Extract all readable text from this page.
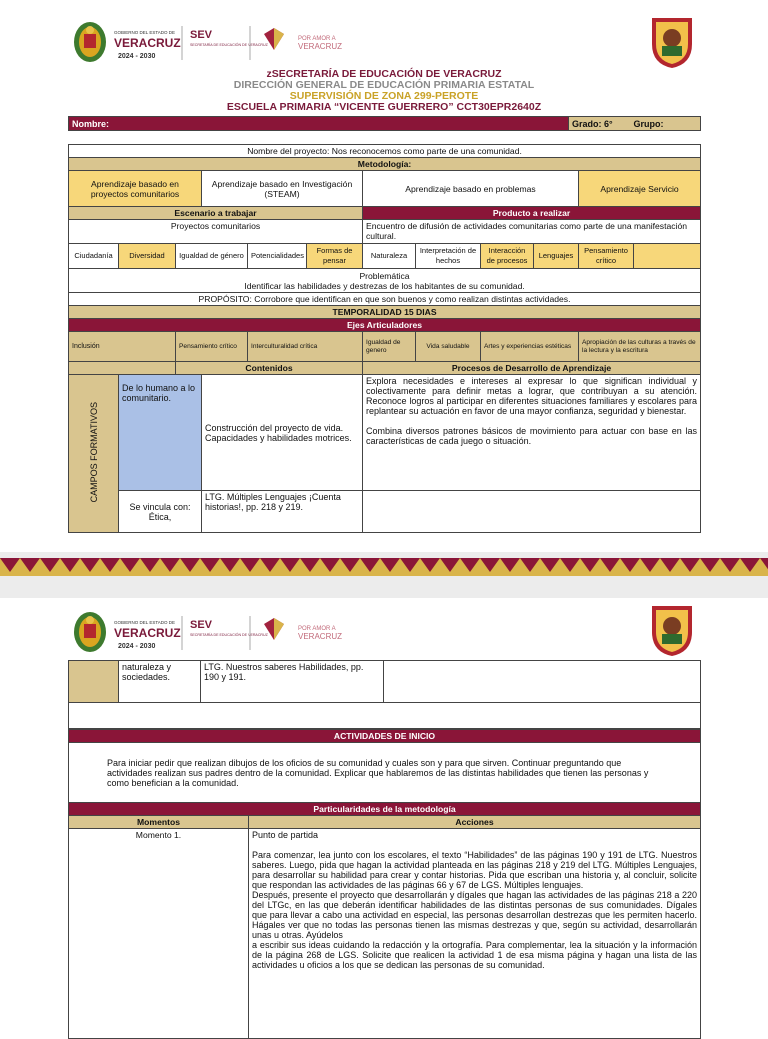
GOBIERNO DEL ESTADO DE
VERACRUZ
2024 - 2030
SEV
SECRETARÍA DE EDUCACIÓN DE VERACRUZ
POR AMOR A
VERACRUZ
zSECRETARÍA DE EDUCACIÓN DE VERACRUZ
DIRECCIÓN GENERAL DE EDUCACIÓN PRIMARIA ESTATAL
SUPERVISIÓN DE ZONA 299-PEROTE
ESCUELA PRIMARIA “VICENTE GUERRERO” CCT30EPR2640Z
Nombre:	Grado: 6°	Grupo:
Nombre del proyecto: Nos reconocemos como parte de una comunidad.											
Metodología:											
Aprendizaje basado en proyectos comunitarios			Aprendizaje basado en Investigación (STEAM)			Aprendizaje basado en problemas				Aprendizaje Servicio	
Escenario a trabajar						Producto a realizar					
Proyectos comunitarios						Encuentro de difusión de actividades comunitarias como parte de una manifestación cultural.					
Ciudadanía	Diversidad	Igualdad de género		Potencialidades	Formas de pensar	Naturaleza	Interpretación de hechos	Interacción de procesos	Lenguajes	Pensamiento crítico	

Problemática
Identificar las habilidades y destrezas de los habitantes de su comunidad.											

PROPÓSITO: Corrobore que identifican en que son buenos y como realizan distintas actividades.											
TEMPORALIDAD 15 DIAS											
Ejes Articuladores											
Inclusión		Pensamiento crítico		Interculturalidad crítica		Igualdad de genero	Vida saludable	Artes y experiencias estéticas		Apropiación de las culturas a través de la lectura y la escritura	
		Contenidos				Procesos de Desarrollo de Aprendizaje					
CAMPOS FORMATIVOS	De lo humano a lo comunitario.		Construcción del proyecto de vida. Capacidades y habilidades motrices.			Explora necesidades e intereses al expresar lo que significan individual y colectivamente para definir metas a lograr, que contribuyan a su atención. Reconoce logros al participar en diferentes situaciones familiares y escolares para replantear su actuación en favor de una mayor confianza, seguridad y bienestar.
Combina diversos patrones básicos de movimiento para actuar con base en las características de cada juego o situación.					

	Se vincula con: Ética,		LTG. Múltiples Lenguajes ¡Cuenta historias!, pp. 218 y 219.								
GOBIERNO DEL ESTADO DE
VERACRUZ
2024 - 2030
SEV
SECRETARÍA DE EDUCACIÓN DE VERACRUZ
POR AMOR A
VERACRUZ
	naturaleza y sociedades.	LTG. Nuestros saberes Habilidades, pp. 190 y 191.	

ACTIVIDADES DE INICIO	
Para iniciar pedir que realizan dibujos de los oficios de su comunidad y cuales son y para que sirven. Continuar preguntando que actividades realizan sus padres dentro de la comunidad. Explicar que hablaremos de las distintas habilidades que tienen las personas y como benefician a la comunidad.	
Particularidades de la metodología	
Momentos	Acciones
Momento 1.	Punto de partida
Para comenzar, lea junto con los escolares, el texto “Habilidades” de las páginas 190 y 191 de LTG. Nuestros saberes. Luego, pida que hagan la actividad planteada en las páginas 218 y 219 del LTG. Múltiples Lenguajes, para desarrollar su habilidad para crear y contar historias. Pida que escriban una historia y, al concluir, solicite que respondan las actividades de las páginas 66 y 67 de LGS. Múltiples lenguajes.
Después, presente el proyecto que desarrollarán y dígales que hagan las actividades de las páginas 218 a 220 del LTGc, en las que deberán identificar habilidades de las distintas personas de sus comunidades. Dígales que para llevar a cabo una actividad en especial, las personas desarrollan destrezas que les permiten hacerlo. Hágales ver que no todas las personas tienen las mismas destrezas y que, según su actividad, desarrollarán unas u otras. Ayúdelos
a escribir sus ideas cuidando la redacción y la ortografía. Para complementar, lea la situación y la información de la página 268 de LGS. Solicite que realicen la actividad 1 de esa misma página y hagan una lista de las actividades u oficios a los que se dedican las personas de su comunidad.
